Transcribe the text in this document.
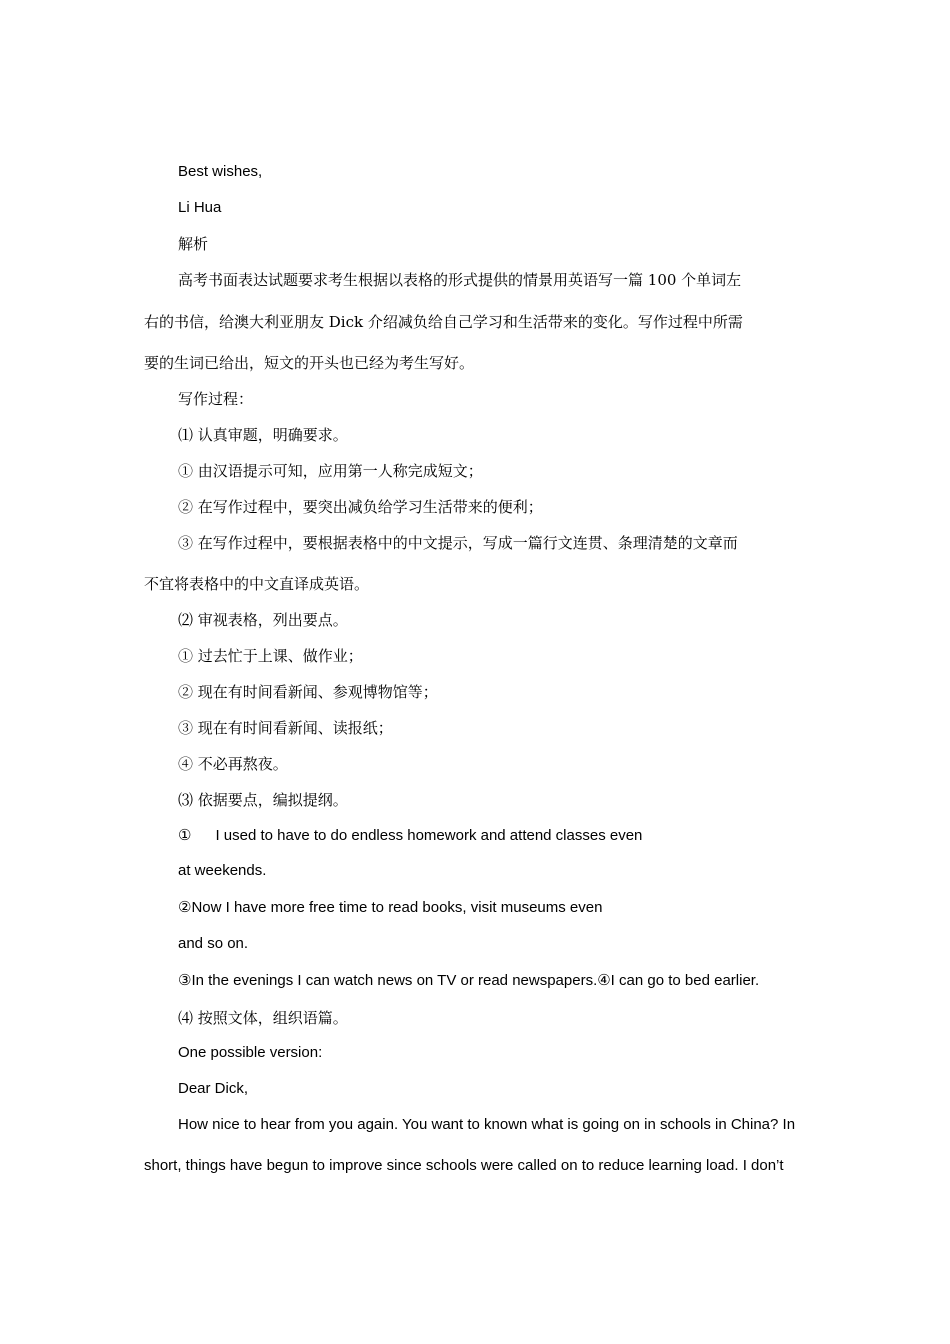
Best wishes,
Li Hua
解析
高考书面表达试题要求考生根据以表格的形式提供的情景用英语写一篇 100 个单词左
右的书信，给澳大利亚朋友 Dick 介绍减负给自己学习和生活带来的变化。写作过程中所需
要的生词已给出，短文的开头也已经为考生写好。
写作过程：
⑴ 认真审题，明确要求。
① 由汉语提示可知，应用第一人称完成短文；
② 在写作过程中，要突出减负给学习生活带来的便利；
③ 在写作过程中，要根据表格中的中文提示，写成一篇行文连贯、条理清楚的文章而
不宜将表格中的中文直译成英语。
⑵ 审视表格，列出要点。
① 过去忙于上课、做作业；
② 现在有时间看新闻、参观博物馆等；
③ 现在有时间看新闻、读报纸；
④ 不必再熬夜。
⑶ 依据要点，编拟提纲。
① I used to have to do endless homework and attend classes even
at weekends.
②Now I have more free time to read books, visit museums even
and so on.
③In the evenings I can watch news on TV or read newspapers.④I can go to bed earlier.
⑷ 按照文体，组织语篇。
One possible version:
Dear Dick,
How nice to hear from you again. You want to known what is going on in schools in China? In
short, things have begun to improve since schools were called on to reduce learning load. I don’t
